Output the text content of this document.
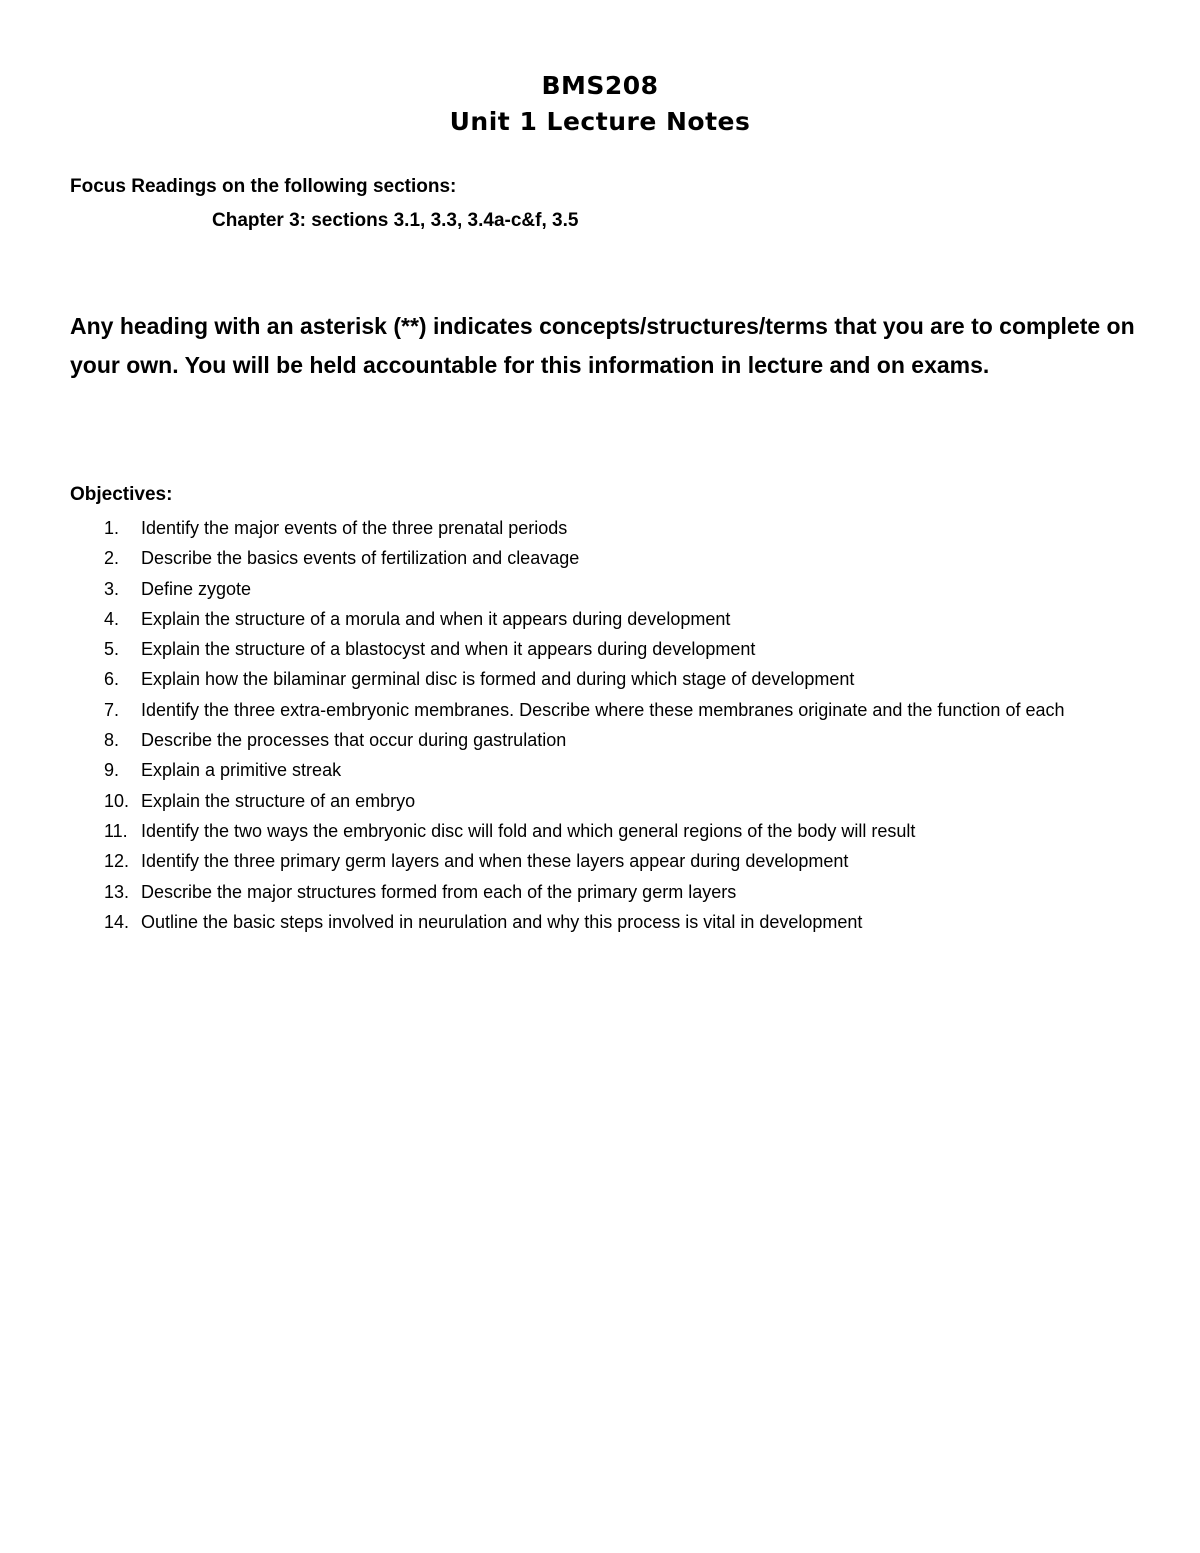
BMS208
Unit 1 Lecture Notes
Focus Readings on the following sections:
Chapter 3: sections 3.1, 3.3, 3.4a-c&f, 3.5
Any heading with an asterisk (**) indicates concepts/structures/terms that you are to complete on your own. You will be held accountable for this information in lecture and on exams.
Objectives:
1.	Identify the major events of the three prenatal periods
2.	Describe the basics events of fertilization and cleavage
3.	Define zygote
4.	Explain the structure of a morula and when it appears during development
5.	Explain the structure of a blastocyst and when it appears during development
6.	Explain how the bilaminar germinal disc is formed and during which stage of development
7.	Identify the three extra-embryonic membranes. Describe where these membranes originate and the function of each
8.	Describe the processes that occur during gastrulation
9.	Explain a primitive streak
10. Explain the structure of an embryo
11. Identify the two ways the embryonic disc will fold and which general regions of the body will result
12. Identify the three primary germ layers and when these layers appear during development
13. Describe the major structures formed from each of the primary germ layers
14. Outline the basic steps involved in neurulation and why this process is vital in development
